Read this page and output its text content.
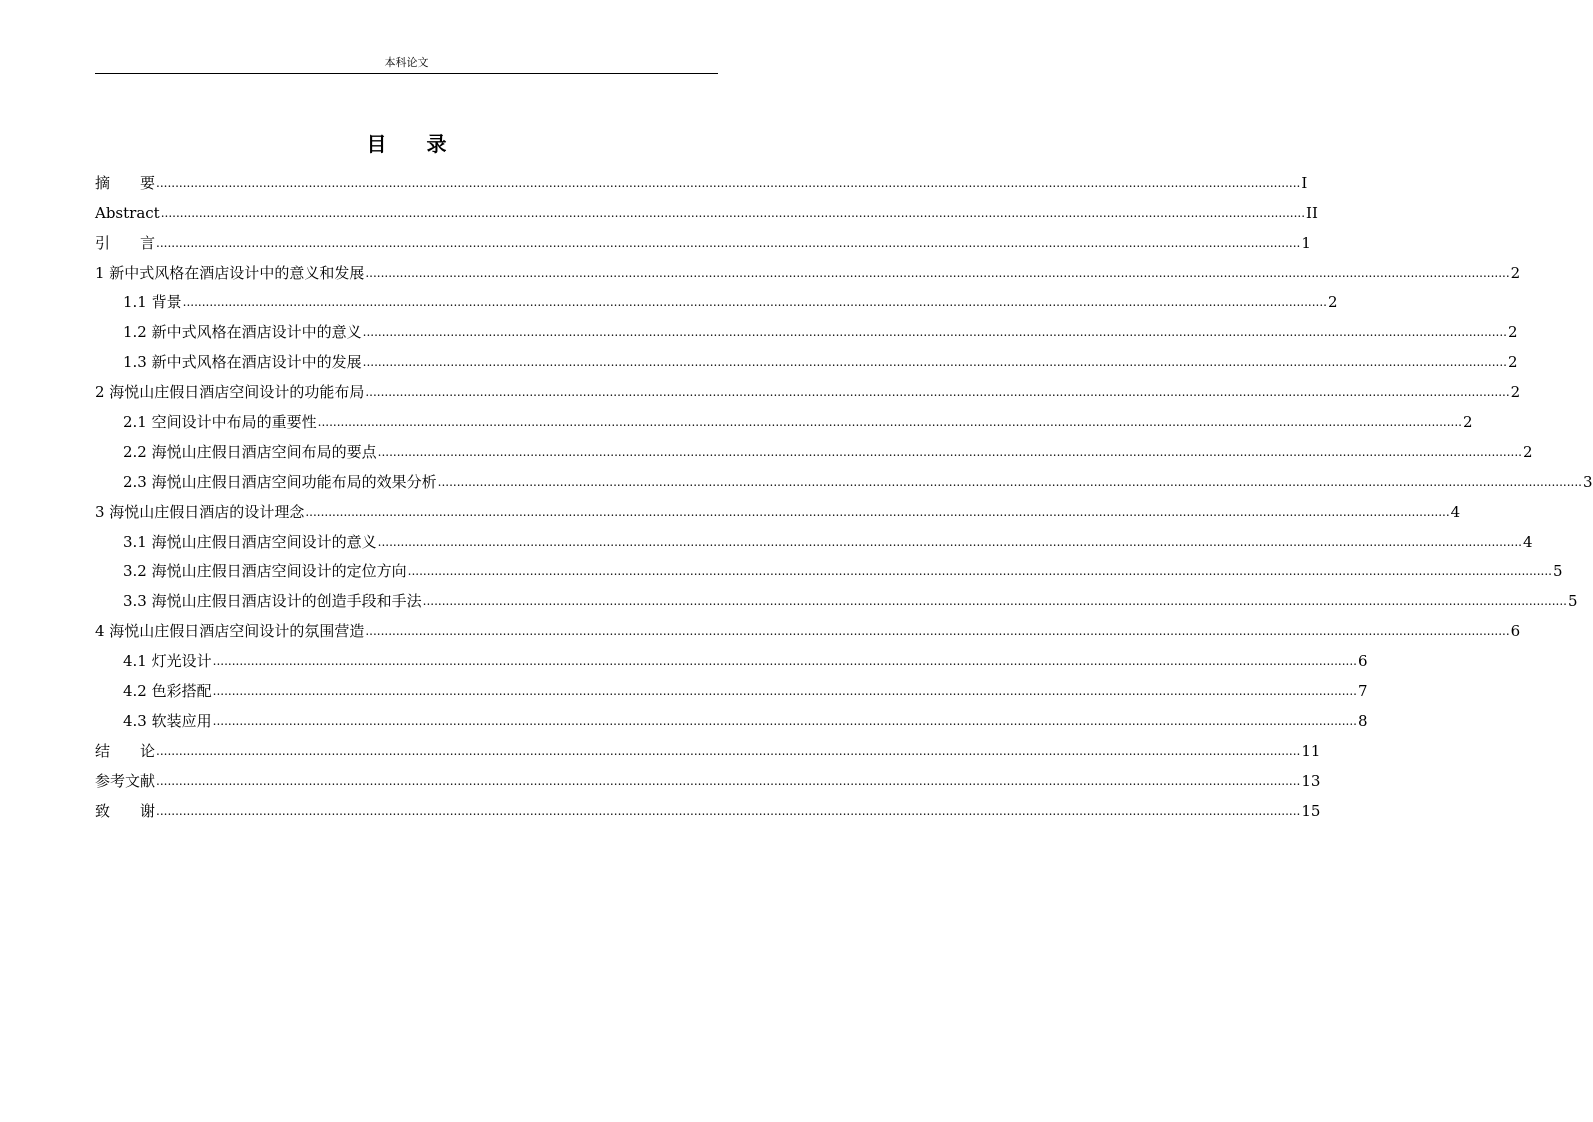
本科论文
目　　录
摘　　要 ............................................................................................................................................................................................................................................................................................................ I
Abstract ............................................................................................................................................................................................................................................................................................................ II
引　　言 ............................................................................................................................................................................................................................................................................................................ 1
1 新中式风格在酒店设计中的意义和发展 ............................................................................................................................................................................................................................................................................................................ 2
1.1 背景 ............................................................................................................................................................................................................................................................................................................ 2
1.2 新中式风格在酒店设计中的意义 ............................................................................................................................................................................................................................................................................................................ 2
1.3 新中式风格在酒店设计中的发展 ............................................................................................................................................................................................................................................................................................................ 2
2 海悦山庄假日酒店空间设计的功能布局 ............................................................................................................................................................................................................................................................................................................ 2
2.1 空间设计中布局的重要性 ............................................................................................................................................................................................................................................................................................................ 2
2.2 海悦山庄假日酒店空间布局的要点 ............................................................................................................................................................................................................................................................................................................ 2
2.3 海悦山庄假日酒店空间功能布局的效果分析 ............................................................................................................................................................................................................................................................................................................ 3
3 海悦山庄假日酒店的设计理念 ............................................................................................................................................................................................................................................................................................................ 4
3.1 海悦山庄假日酒店空间设计的意义 ............................................................................................................................................................................................................................................................................................................ 4
3.2 海悦山庄假日酒店空间设计的定位方向 ............................................................................................................................................................................................................................................................................................................ 5
3.3 海悦山庄假日酒店设计的创造手段和手法 ............................................................................................................................................................................................................................................................................................................ 5
4 海悦山庄假日酒店空间设计的氛围营造 ............................................................................................................................................................................................................................................................................................................ 6
4.1 灯光设计 ............................................................................................................................................................................................................................................................................................................ 6
4.2 色彩搭配 ............................................................................................................................................................................................................................................................................................................ 7
4.3 软装应用 ............................................................................................................................................................................................................................................................................................................ 8
结　　论 ............................................................................................................................................................................................................................................................................................................ 11
参考文献 ............................................................................................................................................................................................................................................................................................................ 13
致　　谢 ............................................................................................................................................................................................................................................................................................................ 15
